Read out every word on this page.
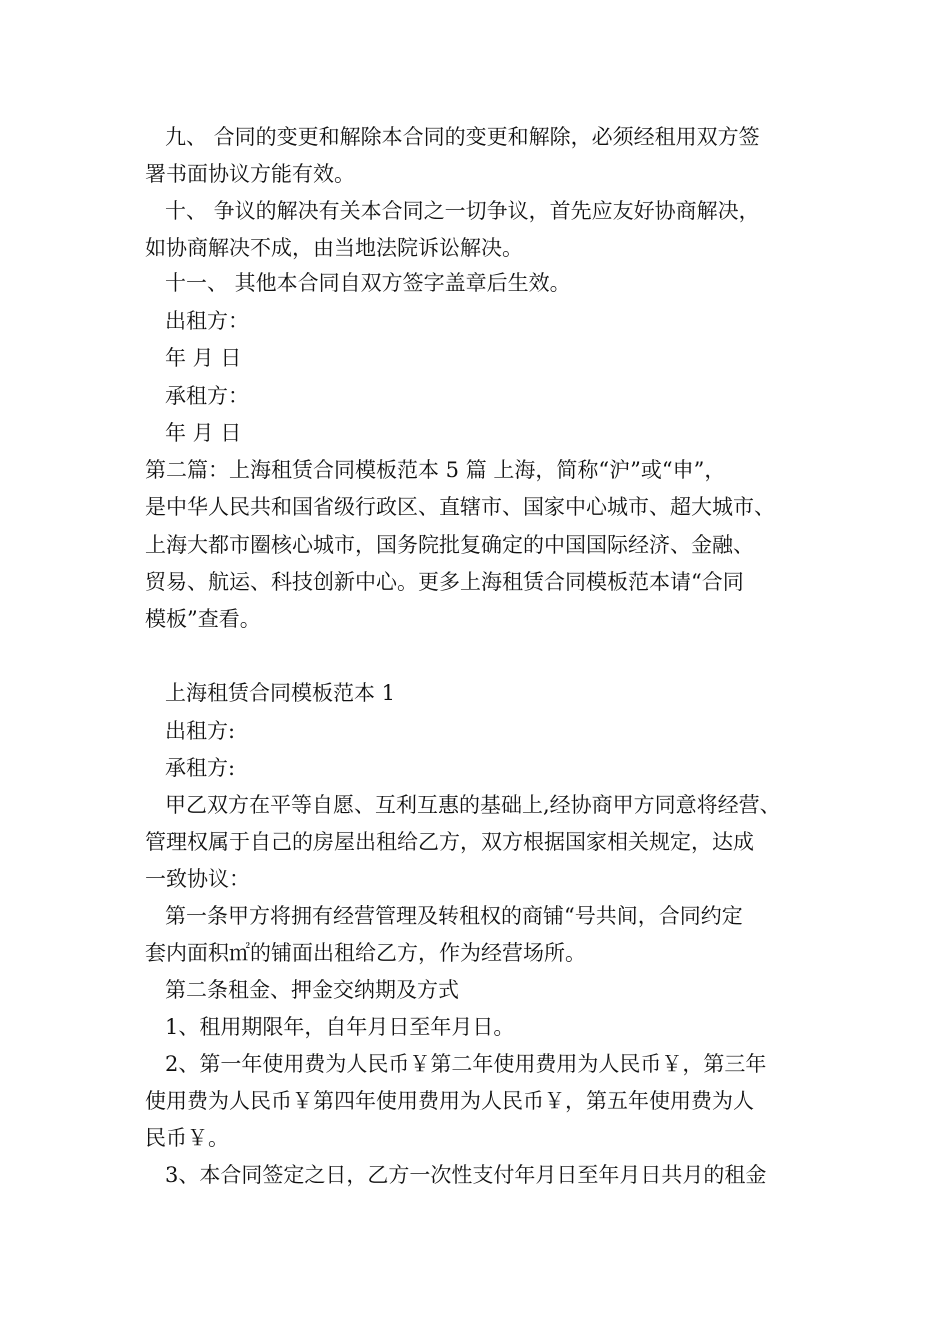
九、 合同的变更和解除本合同的变更和解除，必须经租用双方签
署书面协议方能有效。
十、 争议的解决有关本合同之一切争议，首先应友好协商解决，
如协商解决不成，由当地法院诉讼解决。
十一、 其他本合同自双方签字盖章后生效。
出租方：
年 月 日
承租方：
年 月 日
第二篇：上海租赁合同模板范本 5 篇 上海，简称“沪”或“申”，
是中华人民共和国省级行政区、直辖市、国家中心城市、超大城市、
上海大都市圈核心城市，国务院批复确定的中国国际经济、金融、
贸易、航运、科技创新中心。更多上海租赁合同模板范本请“合同
模板”查看。
上海租赁合同模板范本 1
出租方:
承租方:
甲乙双方在平等自愿、互利互惠的基础上,经协商甲方同意将经营、
管理权属于自己的房屋出租给乙方，双方根据国家相关规定，达成
一致协议：
第一条甲方将拥有经营管理及转租权的商铺“号共间，合同约定
套内面积㎡的铺面出租给乙方，作为经营场所。
第二条租金、押金交纳期及方式
1、租用期限年，自年月日至年月日。
2、第一年使用费为人民币￥第二年使用费用为人民币￥，第三年
使用费为人民币￥第四年使用费用为人民币￥，第五年使用费为人
民币￥。
3、本合同签定之日，乙方一次性支付年月日至年月日共月的租金
